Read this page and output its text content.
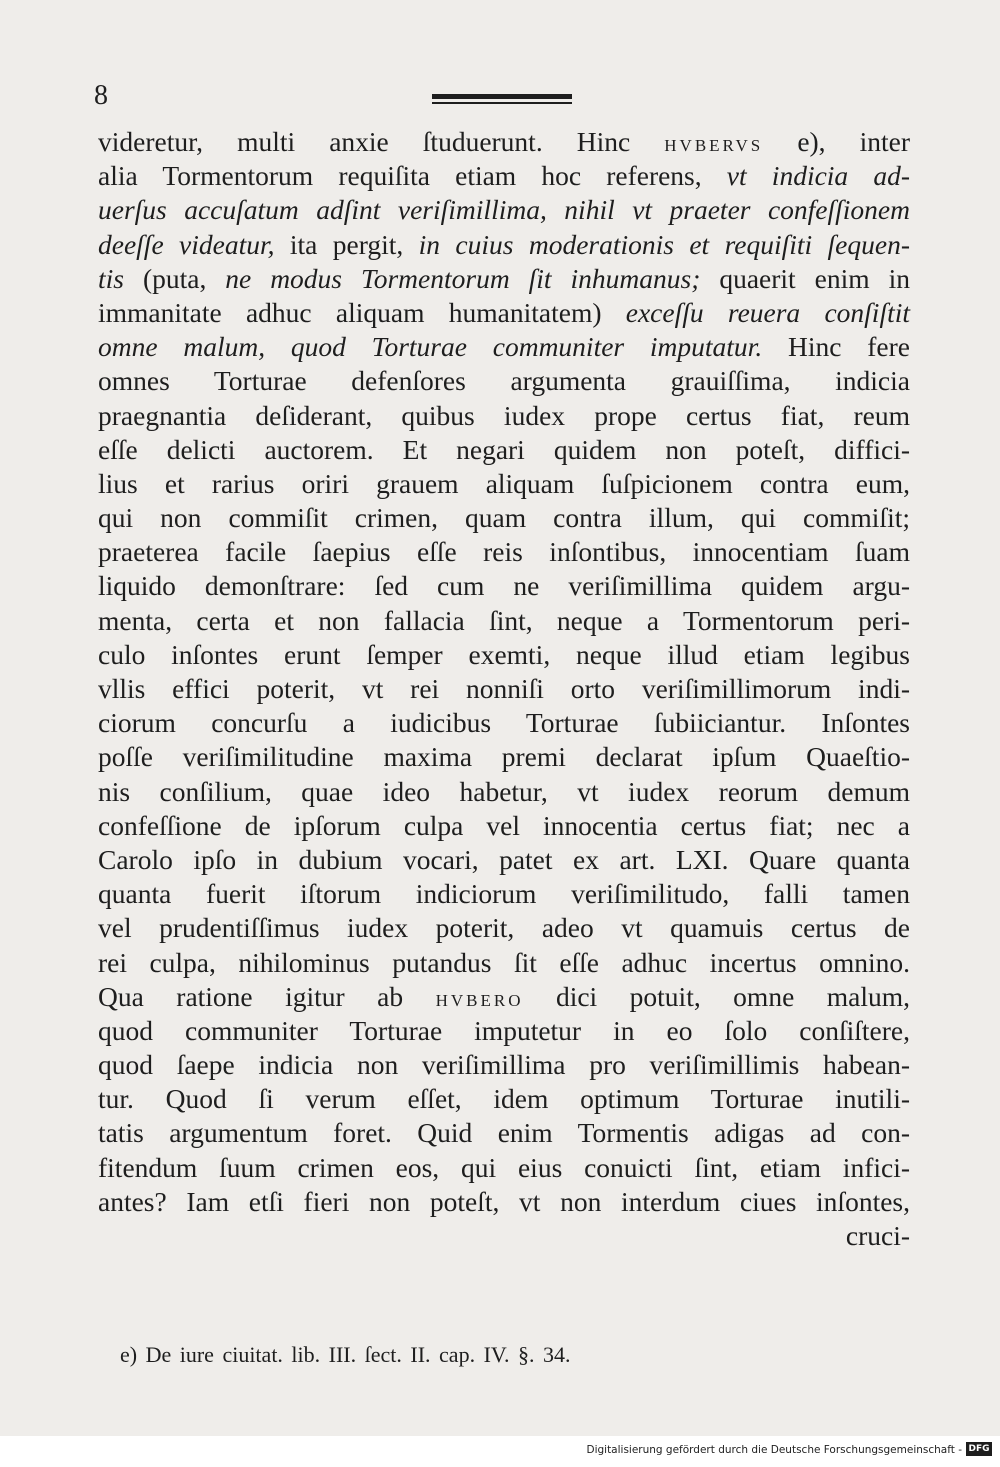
8
videretur, multi anxie ſtuduerunt. Hinc hvbervs e), inter
alia Tormentorum requiſita etiam hoc referens, vt indicia ad-
uerſus accuſatum adſint veriſimillima, nihil vt praeter confeſſionem
deeſſe videatur, ita pergit, in cuius moderationis et requiſiti ſequen-
tis (puta, ne modus Tormentorum ſit inhumanus; quaerit enim in
immanitate adhuc aliquam humanitatem) exceſſu reuera conſiſtit
omne malum, quod Torturae communiter imputatur. Hinc fere
omnes Torturae defenſores argumenta grauiſſima, indicia
praegnantia deſiderant, quibus iudex prope certus fiat, reum
eſſe delicti auctorem. Et negari quidem non poteſt, diffici-
lius et rarius oriri grauem aliquam ſuſpicionem contra eum,
qui non commiſit crimen, quam contra illum, qui commiſit;
praeterea facile ſaepius eſſe reis inſontibus, innocentiam ſuam
liquido demonſtrare: ſed cum ne veriſimillima quidem argu-
menta, certa et non fallacia ſint, neque a Tormentorum peri-
culo inſontes erunt ſemper exemti, neque illud etiam legibus
vllis effici poterit, vt rei nonniſi orto veriſimillimorum indi-
ciorum concurſu a iudicibus Torturae ſubiiciantur. Inſontes
poſſe veriſimilitudine maxima premi declarat ipſum Quaeſtio-
nis conſilium, quae ideo habetur, vt iudex reorum demum
confeſſione de ipſorum culpa vel innocentia certus fiat; nec a
Carolo ipſo in dubium vocari, patet ex art. LXI. Quare quanta
quanta fuerit iſtorum indiciorum veriſimilitudo, falli tamen
vel prudentiſſimus iudex poterit, adeo vt quamuis certus de
rei culpa, nihilominus putandus ſit eſſe adhuc incertus omnino.
Qua ratione igitur ab hvbero dici potuit, omne malum,
quod communiter Torturae imputetur in eo ſolo conſiſtere,
quod ſaepe indicia non veriſimillima pro veriſimillimis habean-
tur. Quod ſi verum eſſet, idem optimum Torturae inutili-
tatis argumentum foret. Quid enim Tormentis adigas ad con-
fitendum ſuum crimen eos, qui eius conuicti ſint, etiam infici-
antes? Iam etſi fieri non poteſt, vt non interdum ciues inſontes,
cruci-
e) De iure ciuitat. lib. III. ſect. II. cap. IV. §. 34.
Digitalisierung gefördert durch die Deutsche Forschungsgemeinschaft - DFG
